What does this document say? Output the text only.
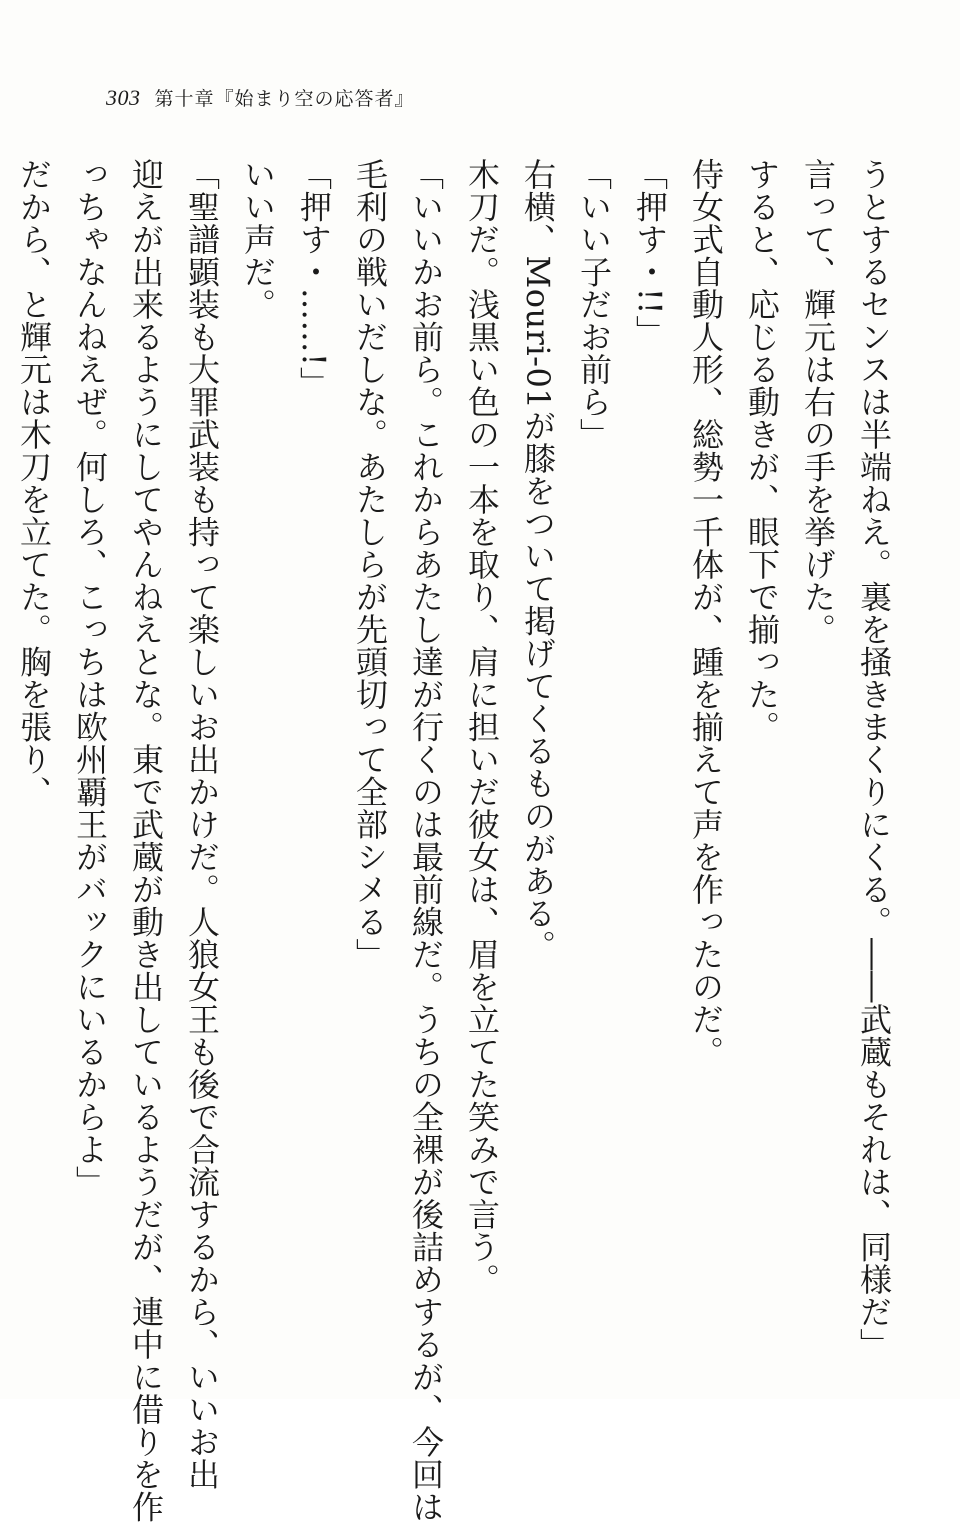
303 第十章『始まり空の応答者』
うとするセンスは半端ねえ。裏を掻きまくりにくる。――武蔵もそれは、同様だ」
言って、輝元は右の手を挙げた。
すると、応じる動きが、眼下で揃った。
侍女式自動人形、総勢一千体が、踵を揃えて声を作ったのだ。
「押す・!!」
「いい子だお前ら」
右横、Mouri-01が膝をついて掲げてくるものがある。
木刀だ。浅黒い色の一本を取り、肩に担いだ彼女は、眉を立てた笑みで言う。
「いいかお前ら。これからあたし達が行くのは最前線だ。うちの全裸が後詰めするが、今回は
毛利の戦いだしな。あたしらが先頭切って全部シメる」
「押す・……!」
いい声だ。
「聖譜顕装も大罪武装も持って楽しいお出かけだ。人狼女王も後で合流するから、いいお出
迎えが出来るようにしてやんねえとな。東で武蔵が動き出しているようだが、連中に借りを作
っちゃなんねえぜ。何しろ、こっちは欧州覇王がバックにいるからよ」
だから、と輝元は木刀を立てた。胸を張り、
